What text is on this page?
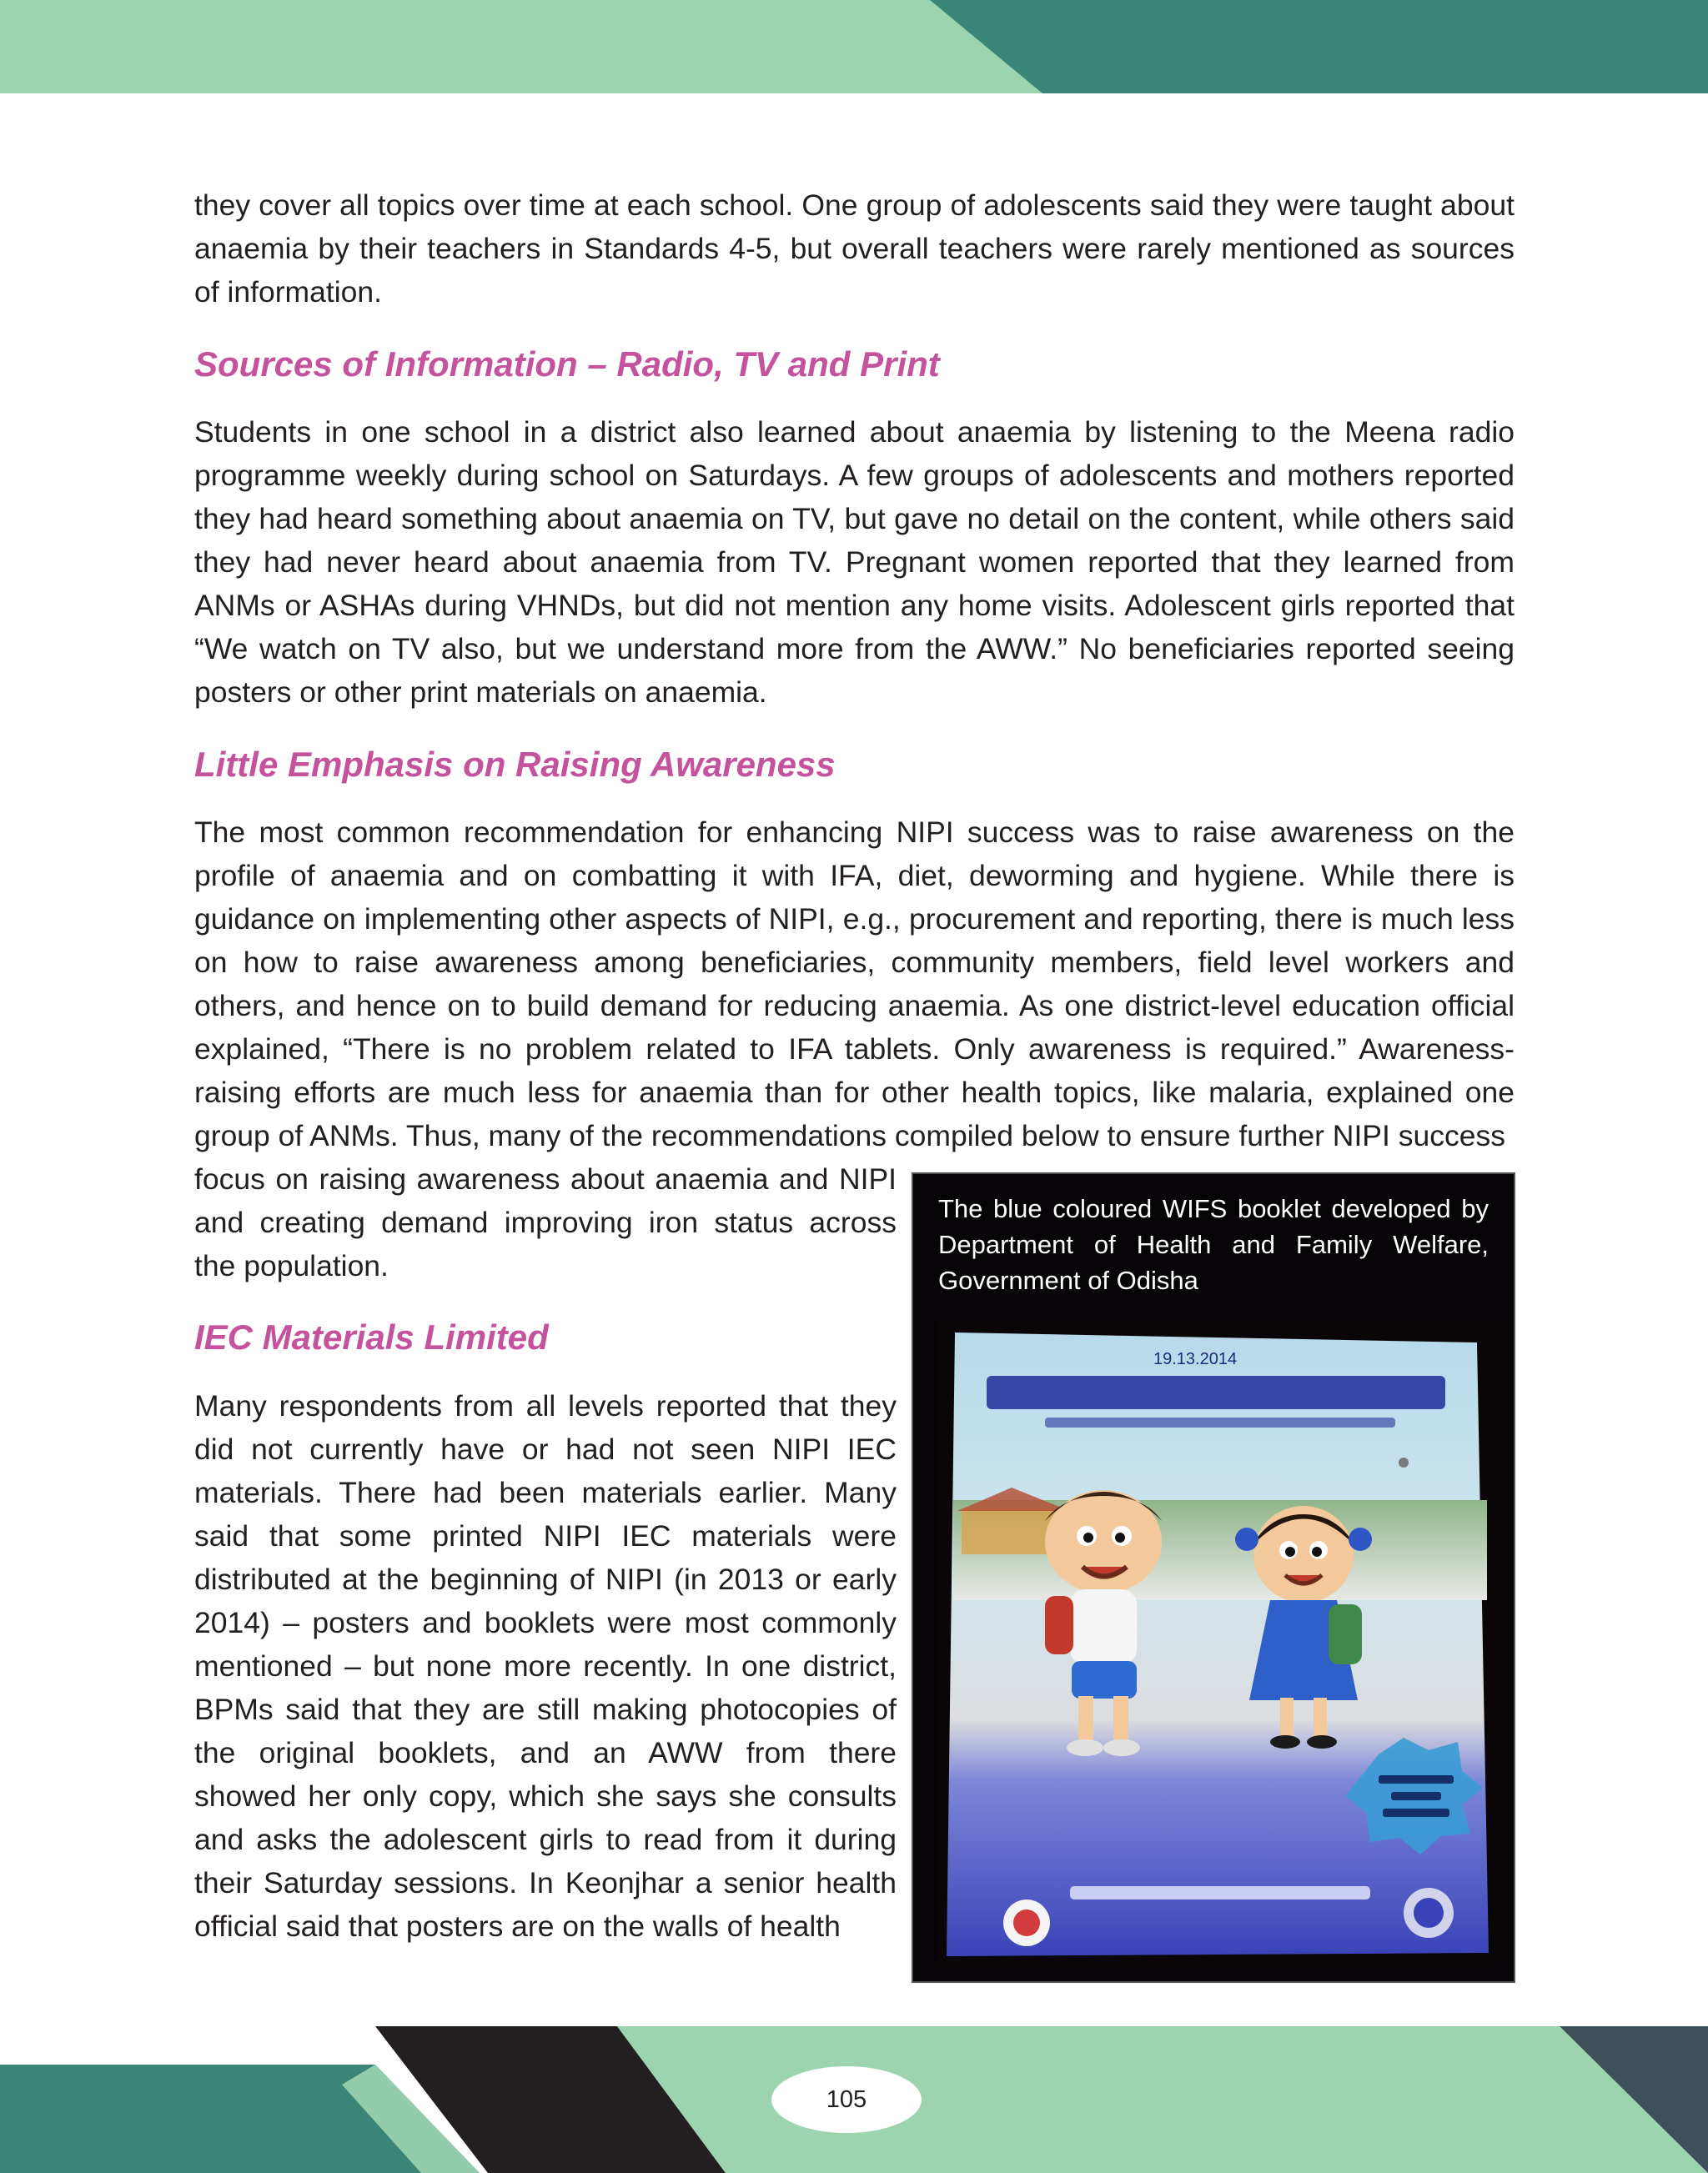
they cover all topics over time at each school. One group of adolescents said they were taught about anaemia by their teachers in Standards 4-5, but overall teachers were rarely mentioned as sources of information.

Sources of Information – Radio, TV and Print

Students in one school in a district also learned about anaemia by listening to the Meena radio programme weekly during school on Saturdays. A few groups of adolescents and mothers reported they had heard something about anaemia on TV, but gave no detail on the content, while others said they had never heard about anaemia from TV. Pregnant women reported that they learned from ANMs or ASHAs during VHNDs, but did not mention any home visits. Adolescent girls reported that “We watch on TV also, but we understand more from the AWW.” No beneficiaries reported seeing posters or other print materials on anaemia.

Little Emphasis on Raising Awareness

The most common recommendation for enhancing NIPI success was to raise awareness on the profile of anaemia and on combatting it with IFA, diet, deworming and hygiene. While there is guidance on implementing other aspects of NIPI, e.g., procurement and reporting, there is much less on how to raise awareness among beneficiaries, community members, field level workers and others, and hence on to build demand for reducing anaemia. As one district-level education official explained, “There is no problem related to IFA tablets. Only awareness is required.” Awareness-raising efforts are much less for anaemia than for other health topics, like malaria, explained one group of ANMs. Thus, many of the recommendations compiled below to ensure further NIPI success

focus on raising awareness about anaemia and NIPI and creating demand improving iron status across the population.

IEC Materials Limited

Many respondents from all levels reported that they did not currently have or had not seen NIPI IEC materials. There had been materials earlier. Many said that some printed NIPI IEC materials were distributed at the beginning of NIPI (in 2013 or early 2014) – posters and booklets were most commonly mentioned – but none more recently. In one district, BPMs said that they are still making photocopies of the original booklets, and an AWW from there showed her only copy, which she says she consults and asks the adolescent girls to read from it during their Saturday sessions. In Keonjhar a senior health official said that posters are on the walls of health

The blue coloured WIFS booklet developed by Department of Health and Family Welfare, Government of Odisha
19.13.2014
105
